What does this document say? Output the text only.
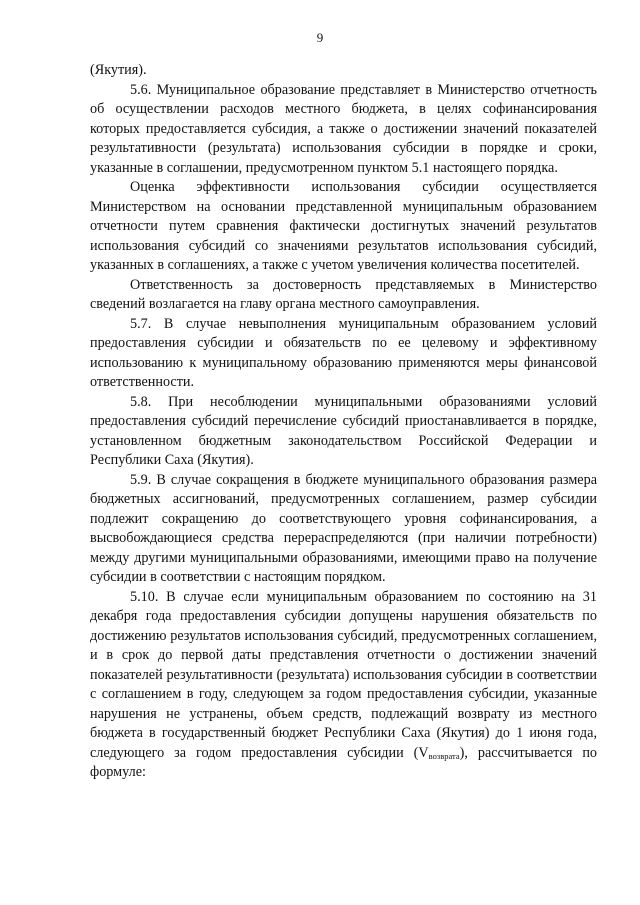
9

(Якутия).

5.6. Муниципальное образование представляет в Министерство отчетность об осуществлении расходов местного бюджета, в целях софинансирования которых предоставляется субсидия, а также о достижении значений показателей результативности (результата) использования субсидии в порядке и сроки, указанные в соглашении, предусмотренном пунктом 5.1 настоящего порядка.

Оценка эффективности использования субсидии осуществляется Министерством на основании представленной муниципальным образованием отчетности путем сравнения фактически достигнутых значений результатов использования субсидий со значениями результатов использования субсидий, указанных в соглашениях, а также с учетом увеличения количества посетителей.

Ответственность за достоверность представляемых в Министерство сведений возлагается на главу органа местного самоуправления.

5.7. В случае невыполнения муниципальным образованием условий предоставления субсидии и обязательств по ее целевому и эффективному использованию к муниципальному образованию применяются меры финансовой ответственности.

5.8. При несоблюдении муниципальными образованиями условий предоставления субсидий перечисление субсидий приостанавливается в порядке, установленном бюджетным законодательством Российской Федерации и Республики Саха (Якутия).

5.9. В случае сокращения в бюджете муниципального образования размера бюджетных ассигнований, предусмотренных соглашением, размер субсидии подлежит сокращению до соответствующего уровня софинансирования, а высвобождающиеся средства перераспределяются (при наличии потребности) между другими муниципальными образованиями, имеющими право на получение субсидии в соответствии с настоящим порядком.

5.10. В случае если муниципальным образованием по состоянию на 31 декабря года предоставления субсидии допущены нарушения обязательств по достижению результатов использования субсидий, предусмотренных соглашением, и в срок до первой даты представления отчетности о достижении значений показателей результативности (результата) использования субсидии в соответствии с соглашением в году, следующем за годом предоставления субсидии, указанные нарушения не устранены, объем средств, подлежащий возврату из местного бюджета в государственный бюджет Республики Саха (Якутия) до 1 июня года, следующего за годом предоставления субсидии $(V_{возврата})$, рассчитывается по формуле:
